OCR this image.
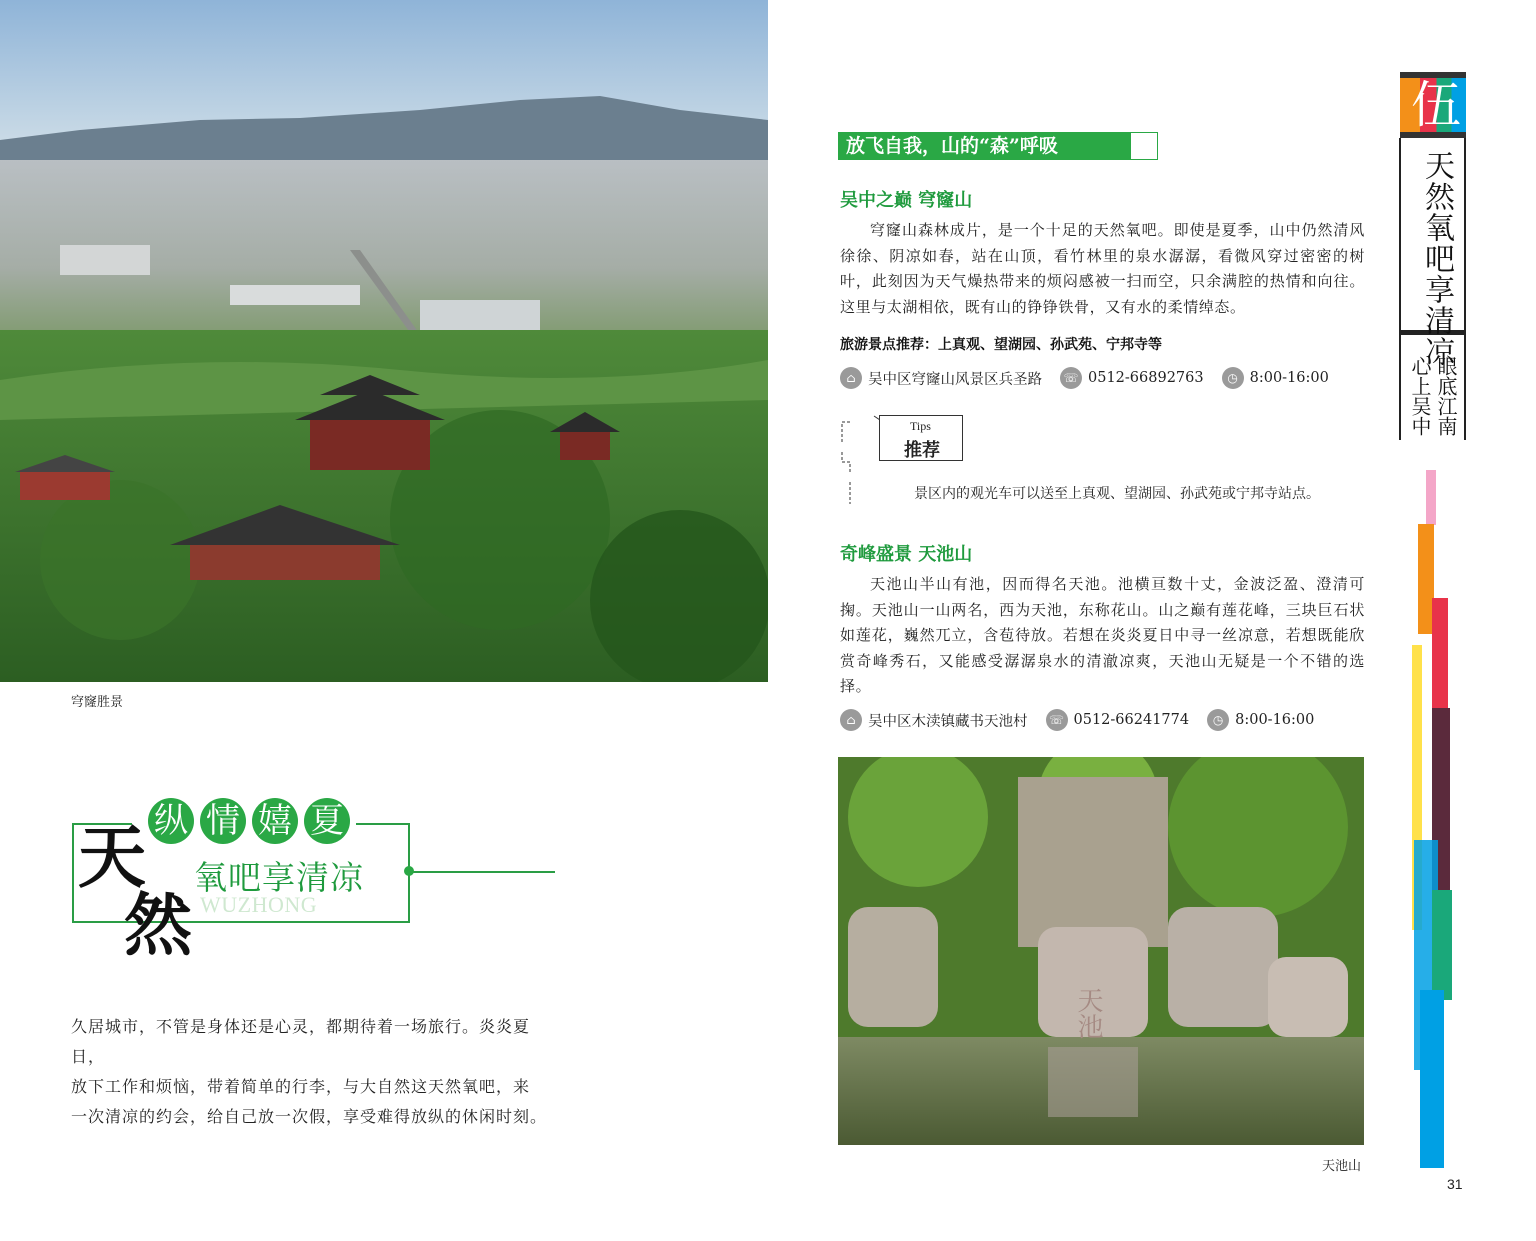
穹窿胜景
纵 情 嬉 夏
天
然
氧吧享清凉
WUZHONG

久居城市，不管是身体还是心灵，都期待着一场旅行。炎炎夏日，

放下工作和烦恼，带着简单的行李，与大自然这天然氧吧，来

一次清凉的约会，给自己放一次假，享受难得放纵的休闲时刻。

放飞自我，山的“森”呼吸
吴中之巅 穹窿山
穹窿山森林成片，是一个十足的天然氧吧。即使是夏季，山中仍然清风徐徐、阴凉如春，站在山顶，看竹林里的泉水潺潺，看微风穿过密密的树叶，此刻因为天气燥热带来的烦闷感被一扫而空，只余满腔的热情和向往。这里与太湖相依，既有山的铮铮铁骨，又有水的柔情绰态。
旅游景点推荐：上真观、望湖园、孙武苑、宁邦寺等
⌂ 吴中区穹窿山风景区兵圣路 ☏ 0512-66892763	◷ 8:00-16:00
Tips
推荐
景区内的观光车可以送至上真观、望湖园、孙武苑或宁邦寺站点。
奇峰盛景 天池山
天池山半山有池，因而得名天池。池横亘数十丈，金波泛盈、澄清可掬。天池山一山两名，西为天池，东称花山。山之巅有莲花峰，三块巨石状如莲花，巍然兀立，含苞待放。若想在炎炎夏日中寻一丝凉意，若想既能欣赏奇峰秀石，又能感受潺潺泉水的清澈凉爽，天池山无疑是一个不错的选择。
⌂ 吴中区木渎镇藏书天池村 ☏ 0512-66241774	◷ 8:00-16:00
天池
天池山
伍
天然氧吧享清凉
眼底江南
心上吴中
31
